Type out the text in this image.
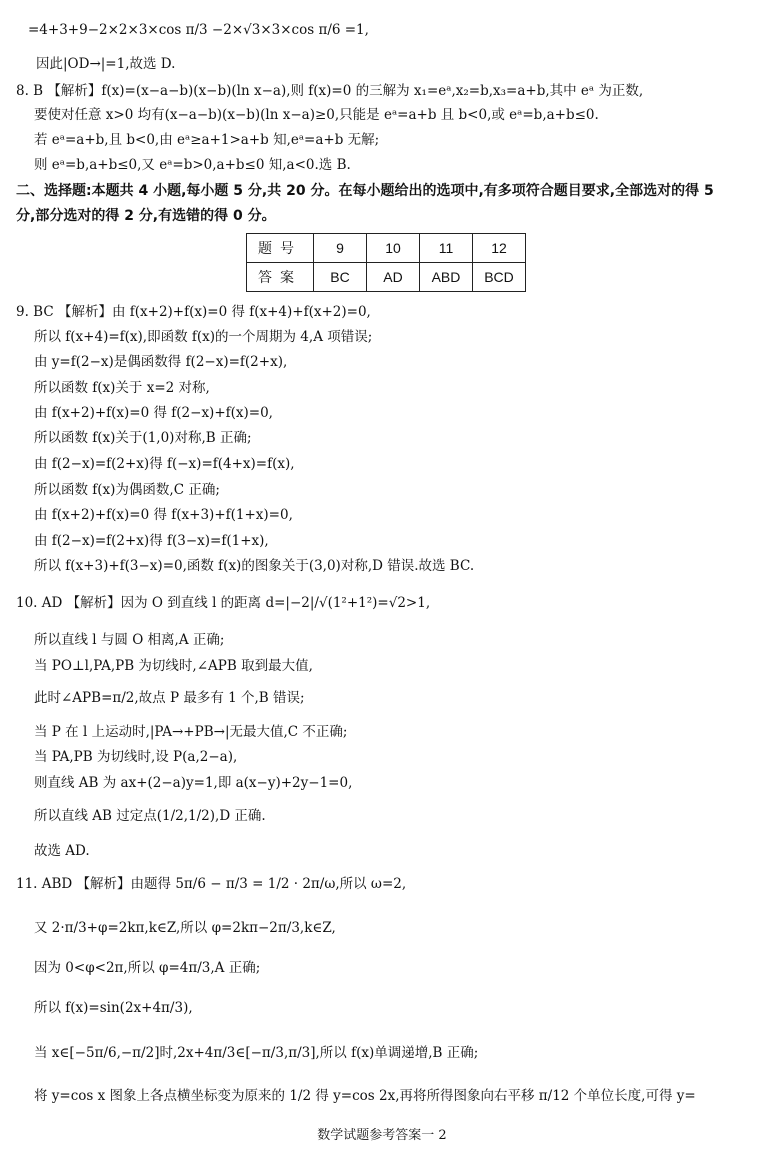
=4+3+9−2×2×3×cos π/3 −2×√3×3×cos π/6 =1,
因此|OD→|=1,故选 D.
8. B 【解析】f(x)=(x−a−b)(x−b)(ln x−a),则 f(x)=0 的三解为 x₁=eᵃ,x₂=b,x₃=a+b,其中 eᵃ 为正数,
要使对任意 x>0 均有(x−a−b)(x−b)(ln x−a)≥0,只能是 eᵃ=a+b 且 b<0,或 eᵃ=b,a+b≤0.
若 eᵃ=a+b,且 b<0,由 eᵃ≥a+1>a+b 知,eᵃ=a+b 无解;
则 eᵃ=b,a+b≤0,又 eᵃ=b>0,a+b≤0 知,a<0.选 B.
二、选择题:本题共 4 小题,每小题 5 分,共 20 分。在每小题给出的选项中,有多项符合题目要求,全部选对的得 5
分,部分选对的得 2 分,有选错的得 0 分。
题号	9	10	11	12
答案	BC	AD	ABD	BCD
9. BC 【解析】由 f(x+2)+f(x)=0 得 f(x+4)+f(x+2)=0,
所以 f(x+4)=f(x),即函数 f(x)的一个周期为 4,A 项错误;
由 y=f(2−x)是偶函数得 f(2−x)=f(2+x),
所以函数 f(x)关于 x=2 对称,
由 f(x+2)+f(x)=0 得 f(2−x)+f(x)=0,
所以函数 f(x)关于(1,0)对称,B 正确;
由 f(2−x)=f(2+x)得 f(−x)=f(4+x)=f(x),
所以函数 f(x)为偶函数,C 正确;
由 f(x+2)+f(x)=0 得 f(x+3)+f(1+x)=0,
由 f(2−x)=f(2+x)得 f(3−x)=f(1+x),
所以 f(x+3)+f(3−x)=0,函数 f(x)的图象关于(3,0)对称,D 错误.故选 BC.
10. AD 【解析】因为 O 到直线 l 的距离 d=|−2|/√(1²+1²)=√2>1,
所以直线 l 与圆 O 相离,A 正确;
当 PO⊥l,PA,PB 为切线时,∠APB 取到最大值,
此时∠APB=π/2,故点 P 最多有 1 个,B 错误;
当 P 在 l 上运动时,|PA→+PB→|无最大值,C 不正确;
当 PA,PB 为切线时,设 P(a,2−a),
则直线 AB 为 ax+(2−a)y=1,即 a(x−y)+2y−1=0,
所以直线 AB 过定点(1/2,1/2),D 正确.
故选 AD.
11. ABD 【解析】由题得 5π/6 − π/3 = 1/2 · 2π/ω,所以 ω=2,
又 2·π/3+φ=2kπ,k∈Z,所以 φ=2kπ−2π/3,k∈Z,
因为 0<φ<2π,所以 φ=4π/3,A 正确;
所以 f(x)=sin(2x+4π/3),
当 x∈[−5π/6,−π/2]时,2x+4π/3∈[−π/3,π/3],所以 f(x)单调递增,B 正确;
将 y=cos x 图象上各点横坐标变为原来的 1/2 得 y=cos 2x,再将所得图象向右平移 π/12 个单位长度,可得 y=
数学试题参考答案一 2
